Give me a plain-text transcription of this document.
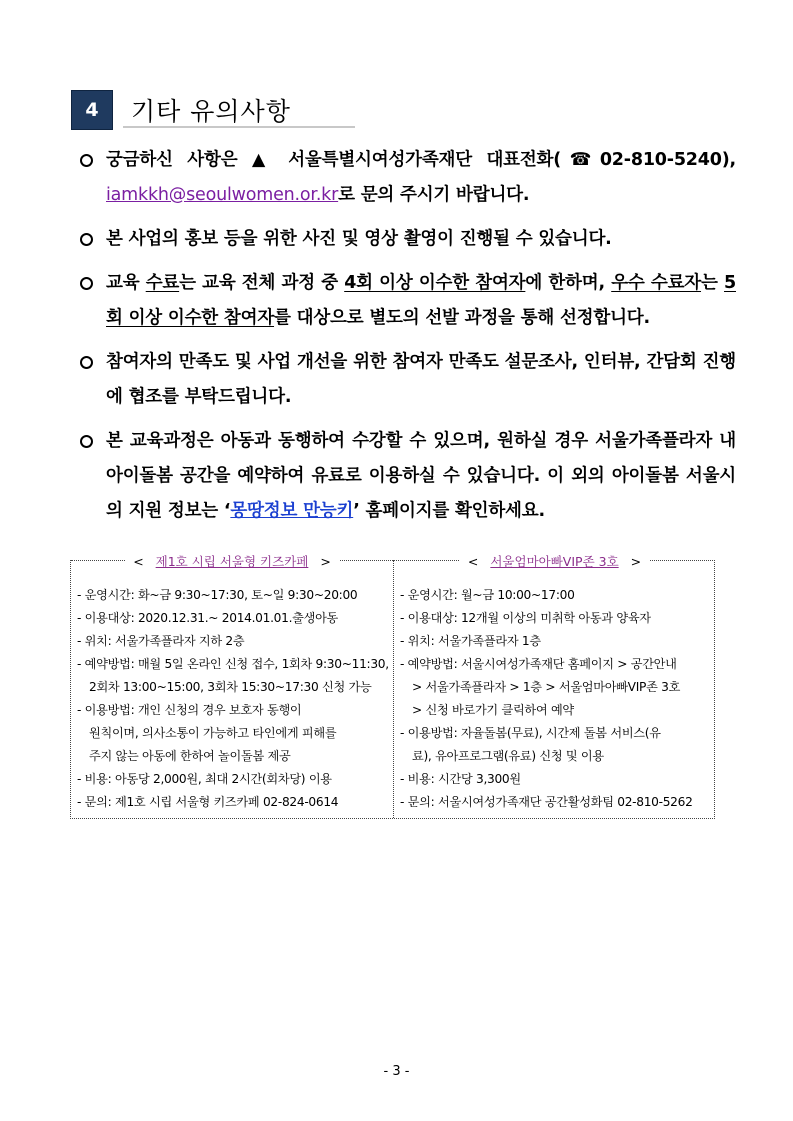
4	기타 유의사항
궁금하신 사항은 ▲ 서울특별시여성가족재단 대표전화(☎02-810-5240), iamkkh@seoulwomen.or.kr로 문의 주시기 바랍니다.
본 사업의 홍보 등을 위한 사진 및 영상 촬영이 진행될 수 있습니다.
교육 수료는 교육 전체 과정 중 4회 이상 이수한 참여자에 한하며, 우수 수료자는 5회 이상 이수한 참여자를 대상으로 별도의 선발 과정을 통해 선정합니다.
참여자의 만족도 및 사업 개선을 위한 참여자 만족도 설문조사, 인터뷰, 간담회 진행에 협조를 부탁드립니다.
본 교육과정은 아동과 동행하여 수강할 수 있으며, 원하실 경우 서울가족플라자 내 아이돌봄 공간을 예약하여 유료로 이용하실 수 있습니다. 이 외의 아이돌봄 서울시의 지원 정보는 ‘몽땅정보 만능키’ 홈페이지를 확인하세요.
< 제1호 시립 서울형 키즈카페 >
- 운영시간: 화~금 9:30~17:30, 토~일 9:30~20:00
- 이용대상: 2020.12.31.~ 2014.01.01.출생아동
- 위치: 서울가족플라자 지하 2층
- 예약방법: 매월 5일 온라인 신청 접수, 1회차 9:30~11:30,
2회차 13:00~15:00, 3회차 15:30~17:30 신청 가능
- 이용방법: 개인 신청의 경우 보호자 동행이
원칙이며, 의사소통이 가능하고 타인에게 피해를
주지 않는 아동에 한하여 놀이돌봄 제공
- 비용: 아동당 2,000원, 최대 2시간(회차당) 이용
- 문의: 제1호 시립 서울형 키즈카페 02-824-0614
< 서울엄마아빠VIP존 3호 >
- 운영시간: 월~금 10:00~17:00
- 이용대상: 12개월 이상의 미취학 아동과 양육자
- 위치: 서울가족플라자 1층
- 예약방법: 서울시여성가족재단 홈페이지 > 공간안내
> 서울가족플라자 > 1층 > 서울엄마아빠VIP존 3호
> 신청 바로가기 클릭하여 예약
- 이용방법: 자율돌봄(무료), 시간제 돌봄 서비스(유
료), 유아프로그램(유료) 신청 및 이용
- 비용: 시간당 3,300원
- 문의: 서울시여성가족재단 공간활성화팀 02-810-5262
- 3 -
